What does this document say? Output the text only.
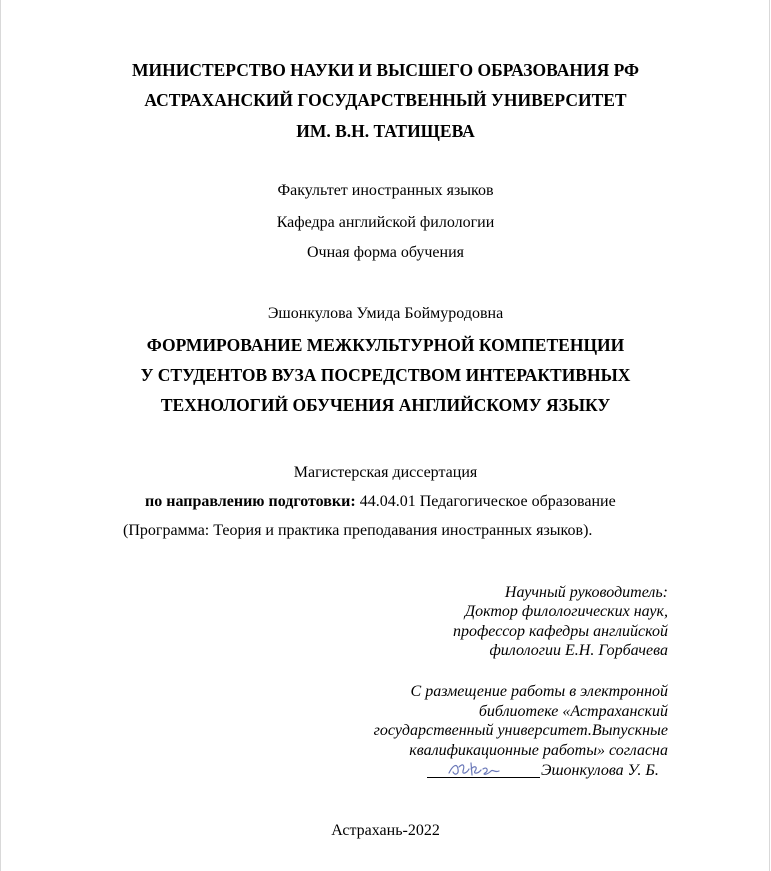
МИНИСТЕРСТВО НАУКИ И ВЫСШЕГО ОБРАЗОВАНИЯ РФ
АСТРАХАНСКИЙ ГОСУДАРСТВЕННЫЙ УНИВЕРСИТЕТ
ИМ. В.Н. ТАТИЩЕВА
Факультет иностранных языков
Кафедра английской филологии
Очная форма обучения
Эшонкулова Умида Боймуродовна
ФОРМИРОВАНИЕ МЕЖКУЛЬТУРНОЙ КОМПЕТЕНЦИИ
У СТУДЕНТОВ ВУЗА ПОСРЕДСТВОМ ИНТЕРАКТИВНЫХ
ТЕХНОЛОГИЙ ОБУЧЕНИЯ АНГЛИЙСКОМУ ЯЗЫКУ
Магистерская диссертация
по направлению подготовки: 44.04.01 Педагогическое образование
(Программа: Теория и практика преподавания иностранных языков).
Научный руководитель:
Доктор филологических наук,
профессор кафедры английской
филологии Е.Н. Горбачева
С размещение работы в электронной
библиотеке «Астраханский
государственный университет.Выпускные
квалификационные работы» согласна
Эшонкулова У. Б.
Астрахань-2022
